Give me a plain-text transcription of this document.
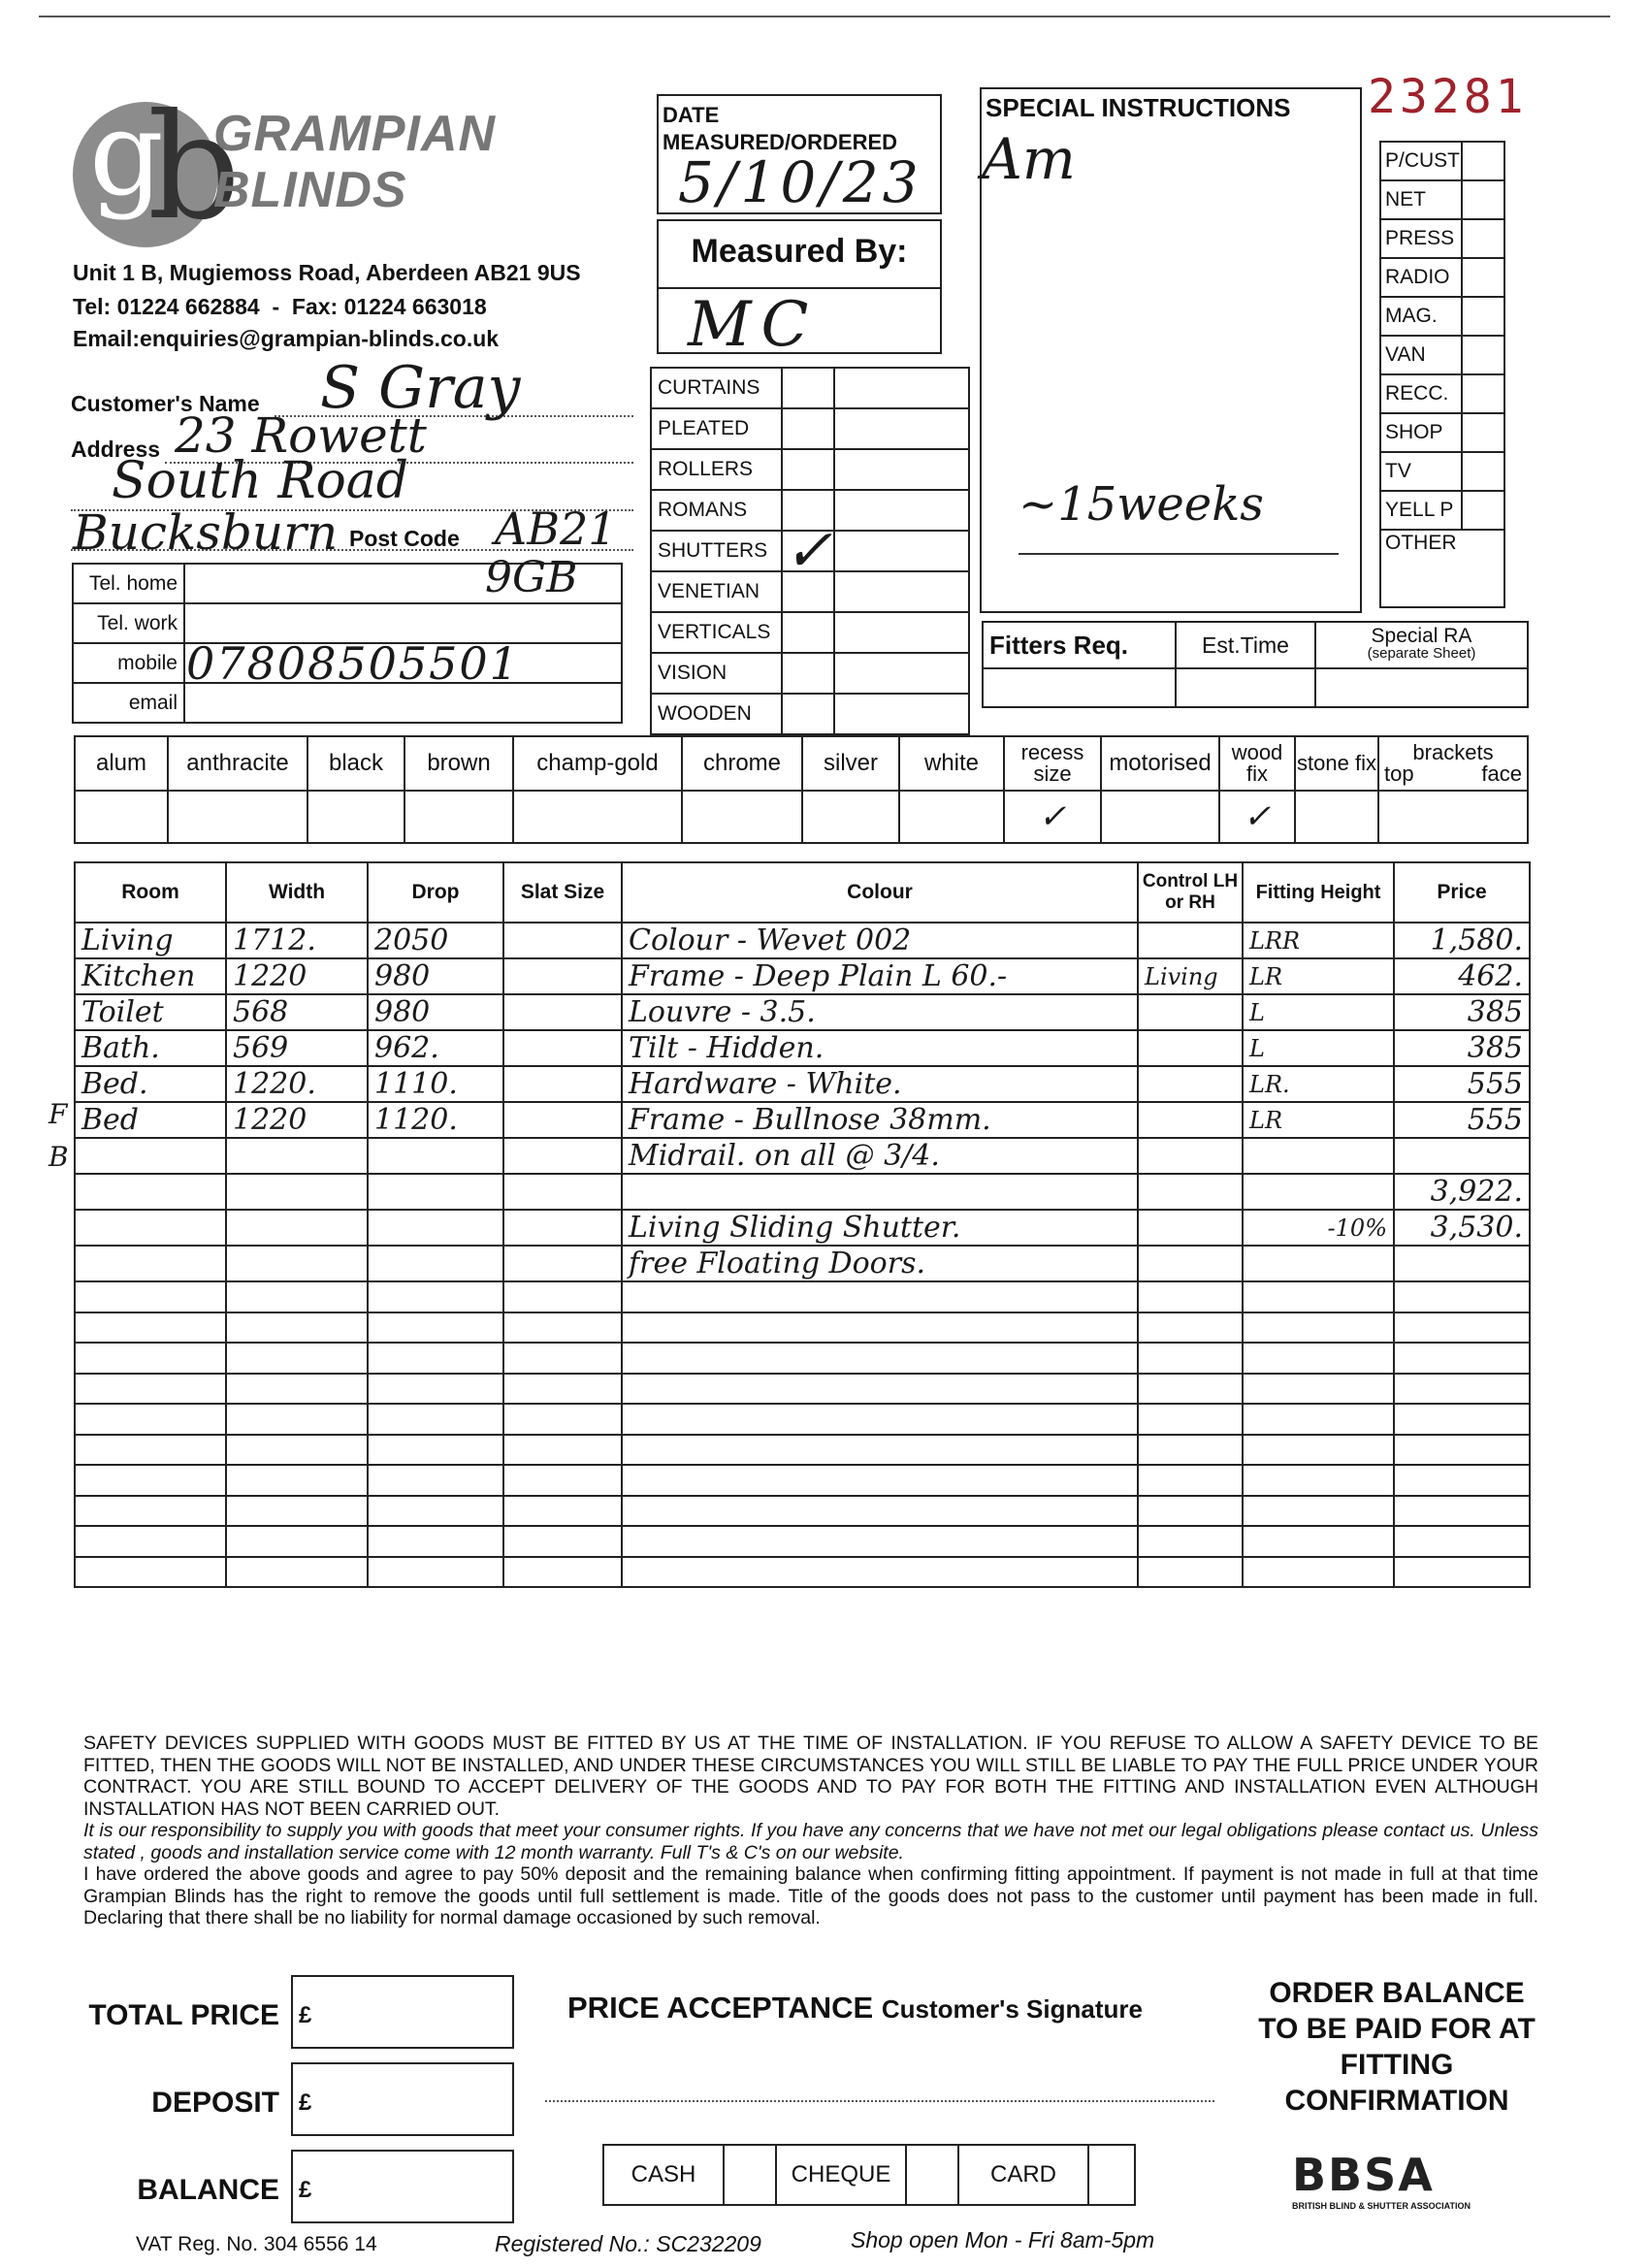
g
b
GRAMPIAN
BLINDS
Unit 1 B, Mugiemoss Road, Aberdeen AB21 9US
Tel: 01224 662884  -  Fax: 01224 663018
Email:enquiries@grampian-blinds.co.uk
Customer's Name S Gray
Address 23 Rowett
South Road
Bucksburn Post Code AB21
Tel. home	
Tel. work	
mobile	07808505501
email	
9GB
DATE MEASURED/ORDERED
5/10/23
Measured By:
MC
CURTAINS		
PLEATED		
ROLLERS		
ROMANS		
SHUTTERS	✓	
VENETIAN		
VERTICALS		
VISION		
WOODEN		
SPECIAL INSTRUCTIONS
Am
~15weeks
23281
P/CUST	
NET	
PRESS	
RADIO	
MAG.	
VAN	
RECC.	
SHOP	
TV	
YELL P	
OTHER	
Fitters Req.	Est.Time	Special RA
(separate Sheet)

alum	anthracite	black	brown	champ-gold	chrome	silver	white	recess size	motorised	wood fix	stone fix	brackets
top face

								✓		✓		
Room	Width	Drop	Slat Size	Colour	Control LH or RH	Fitting Height	Price
Living	1712.	2050		Colour - Wevet 002		LRR	1,580.
Kitchen	1220	980		Frame - Deep Plain L 60.-	Living	LR	462.
Toilet	568	980		Louvre - 3.5.		L	385
Bath.	569	962.		Tilt - Hidden.		L	385
Bed.	1220.	1110.		Hardware - White.		LR.	555
Bed	1220	1120.		Frame - Bullnose 38mm.		LR	555
				Midrail. on all @ 3/4.			
							3,922.
				Living Sliding Shutter.		-10%	3,530.
				free Floating Doors.			

F
B
SAFETY DEVICES SUPPLIED WITH GOODS MUST BE FITTED BY US AT THE TIME OF INSTALLATION. IF YOU REFUSE TO ALLOW A SAFETY DEVICE TO BE FITTED, THEN THE GOODS WILL NOT BE INSTALLED, AND UNDER THESE CIRCUMSTANCES YOU WILL STILL BE LIABLE TO PAY THE FULL PRICE UNDER YOUR CONTRACT. YOU ARE STILL BOUND TO ACCEPT DELIVERY OF THE GOODS AND TO PAY FOR BOTH THE FITTING AND INSTALLATION EVEN ALTHOUGH INSTALLATION HAS NOT BEEN CARRIED OUT.
It is our responsibility to supply you with goods that meet your consumer rights. If you have any concerns that we have not met our legal obligations please contact us. Unless stated , goods and installation service come with 12 month warranty. Full T's & C's on our website.
I have ordered the above goods and agree to pay 50% deposit and the remaining balance when confirming fitting appointment. If payment is not made in full at that time Grampian Blinds has the right to remove the goods until full settlement is made. Title of the goods does not pass to the customer until payment has been made in full. Declaring that there shall be no liability for normal damage occasioned by such removal.
TOTAL PRICE £
DEPOSIT £
BALANCE £
PRICE ACCEPTANCE Customer's Signature	ORDER BALANCE TO BE PAID FOR AT FITTING CONFIRMATION
CASH		CHEQUE		CARD		BBSA
BRITISH BLIND & SHUTTER ASSOCIATION
VAT Reg. No. 304 6556 14	Registered No.: SC232209	Shop open Mon - Fri 8am-5pm
